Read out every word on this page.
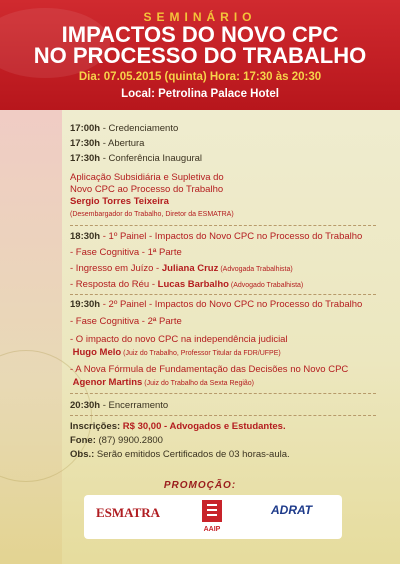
SEMINÁRIO
IMPACTOS DO NOVO CPC
NO PROCESSO DO TRABALHO
Dia: 07.05.2015 (quinta) Hora: 17:30 às 20:30
Local: Petrolina Palace Hotel
17:00h - Credenciamento
17:30h - Abertura
17:30h - Conferência Inaugural
Aplicação Subsidiária e Supletiva do
Novo CPC ao Processo do Trabalho
Sergio Torres Teixeira
(Desembargador do Trabalho, Diretor da ESMATRA)
18:30h - 1º Painel - Impactos do Novo CPC no Processo do Trabalho
- Fase Cognitiva - 1ª Parte
- Ingresso em Juízo - Juliana Cruz (Advogada Trabalhista)
- Resposta do Réu - Lucas Barbalho (Advogado Trabalhista)
19:30h - 2º Painel - Impactos do Novo CPC no Processo do Trabalho
- Fase Cognitiva - 2ª Parte
- O impacto do novo CPC na independência judicial
Hugo Melo (Juiz do Trabalho, Professor Titular da FDR/UFPE)
- A Nova Fórmula de Fundamentação das Decisões no Novo CPC
Agenor Martins (Juiz do Trabalho da Sexta Região)
20:30h - Encerramento
Inscrições: R$ 30,00 - Advogados e Estudantes.
Fone: (87) 9900.2800
Obs.: Serão emitidos Certificados de 03 horas-aula.
PROMOÇÃO:
ESMATRA
AAIP
ADRAT
